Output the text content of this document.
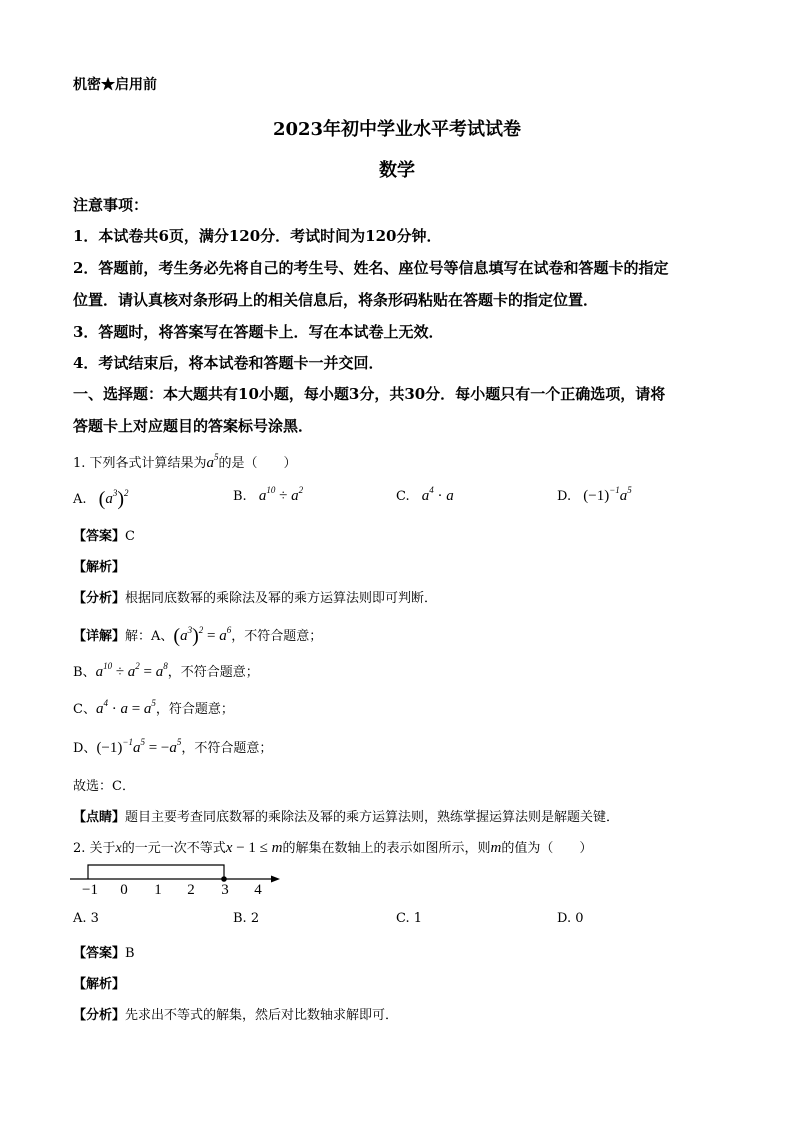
机密★启用前
2023年初中学业水平考试试卷
数学
注意事项：
1．本试卷共6页，满分120分．考试时间为120分钟．
2．答题前，考生务必先将自己的考生号、姓名、座位号等信息填写在试卷和答题卡的指定
位置．请认真核对条形码上的相关信息后，将条形码粘贴在答题卡的指定位置．
3．答题时，将答案写在答题卡上．写在本试卷上无效．
4．考试结束后，将本试卷和答题卡一并交回．
一、选择题：本大题共有10小题，每小题3分，共30分．每小题只有一个正确选项，请将
答题卡上对应题目的答案标号涂黑．
1. 下列各式计算结果为$a^5$的是（　　）
A. $(a^3)^2$	B. $a^{10} \div a^2$	C. $a^4 \cdot a$	D. $(-1)^{-1}a^5$
【答案】C
【解析】
【分析】根据同底数幂的乘除法及幂的乘方运算法则即可判断．
【详解】解：A、$(a^3)^2 = a^6$，不符合题意；
B、$a^{10} \div a^2 = a^8$，不符合题意；
C、$a^4 \cdot a = a^5$，符合题意；
D、$(-1)^{-1}a^5 = -a^5$，不符合题意；
故选：C．
【点睛】题目主要考查同底数幂的乘除法及幂的乘方运算法则，熟练掌握运算法则是解题关键．
2. 关于x的一元一次不等式x − 1 ≤ m的解集在数轴上的表示如图所示，则m的值为（　　）
−1 0 1 2 3 4
A. 3	B. 2	C. 1	D. 0
【答案】B
【解析】
【分析】先求出不等式的解集，然后对比数轴求解即可．
